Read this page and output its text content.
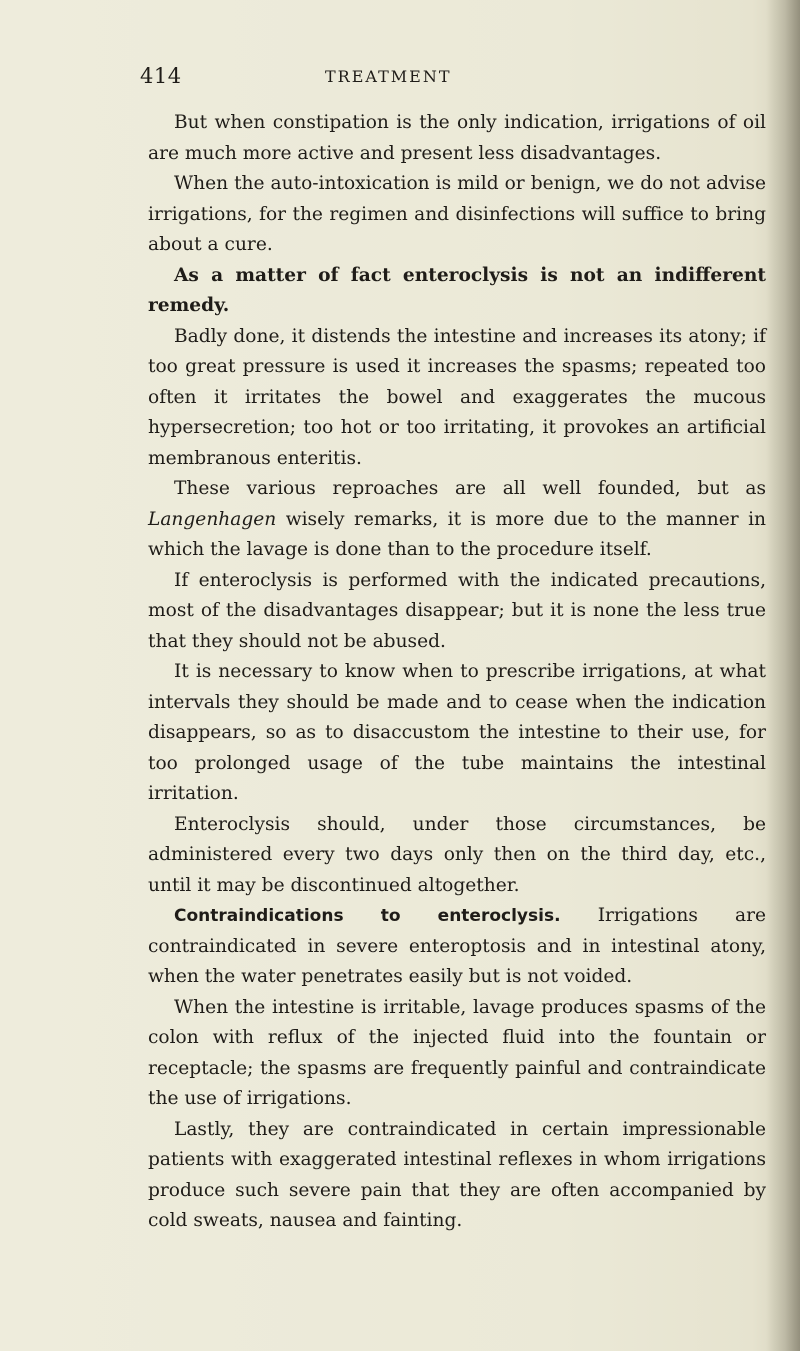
414	TREATMENT

But when constipation is the only indication, irrigations of oil are much more active and present less disadvantages.

When the auto-intoxication is mild or benign, we do not advise irrigations, for the regimen and disinfections will suffice to bring about a cure.

As a matter of fact enteroclysis is not an indifferent remedy.

Badly done, it distends the intestine and increases its atony; if too great pressure is used it increases the spasms; repeated too often it irritates the bowel and exaggerates the mucous hypersecretion; too hot or too irritating, it provokes an artificial membranous enteritis.

These various reproaches are all well founded, but as Langenhagen wisely remarks, it is more due to the manner in which the lavage is done than to the procedure itself.

If enteroclysis is performed with the indicated precautions, most of the disadvantages disappear; but it is none the less true that they should not be abused.

It is necessary to know when to prescribe irrigations, at what intervals they should be made and to cease when the indication disappears, so as to disaccustom the intestine to their use, for too prolonged usage of the tube maintains the intestinal irritation.

Enteroclysis should, under those circumstances, be administered every two days only then on the third day, etc., until it may be discontinued altogether.

Contraindications to enteroclysis. Irrigations are contraindicated in severe enteroptosis and in intestinal atony, when the water penetrates easily but is not voided.

When the intestine is irritable, lavage produces spasms of the colon with reflux of the injected fluid into the fountain or receptacle; the spasms are frequently painful and contraindicate the use of irrigations.

Lastly, they are contraindicated in certain impressionable patients with exaggerated intestinal reflexes in whom irrigations produce such severe pain that they are often accompanied by cold sweats, nausea and fainting.
